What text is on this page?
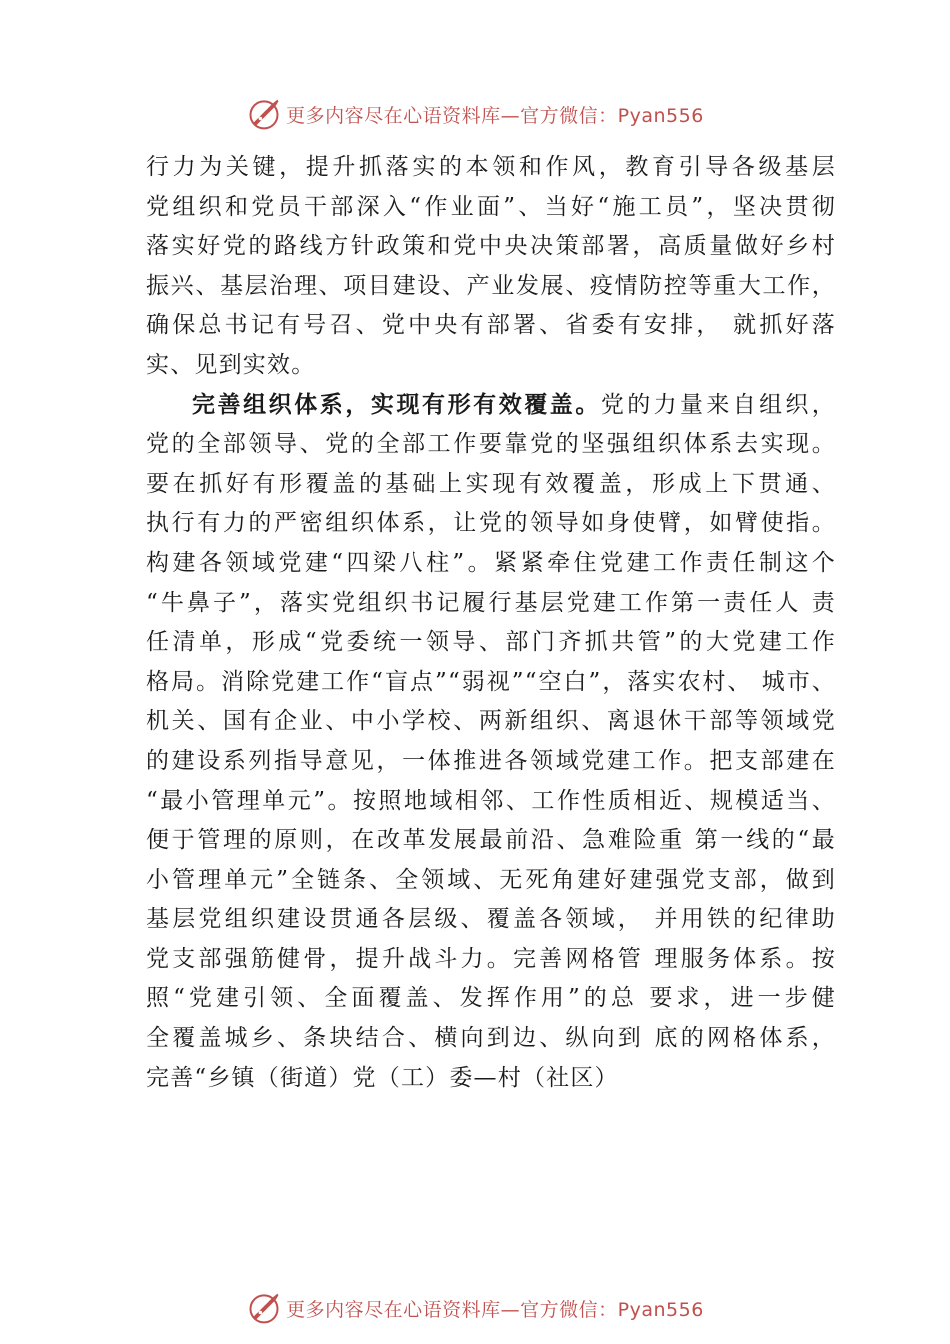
更多内容尽在心语资料库 —官方微信：Pyan556
行力为关键，提升抓落实的本领和作风，教育引导各级基层
党组织和党员干部深入“作业面”、当好“施工员”，坚决贯彻
落实好党的路线方针政策和党中央决策部署，高质量做好乡村
振兴、基层治理、项目建设、产业发展、疫情防控等重大工作，
确保总书记有号召、党中央有部署、省委有安排， 就抓好落
实、见到实效。
完善组织体系，实现有形有效覆盖。党的力量来自组织，
党的全部领导、党的全部工作要靠党的坚强组织体系去实现。
要在抓好有形覆盖的基础上实现有效覆盖，形成上下贯通、
执行有力的严密组织体系，让党的领导如身使臂，如臂使指。
构建各领域党建“四梁八柱”。紧紧牵住党建工作责任制这个
“牛鼻子”，落实党组织书记履行基层党建工作第一责任人 责
任清单，形成“党委统一领导、部门齐抓共管”的大党建工作
格局。消除党建工作“盲点”“弱视”“空白”，落实农村、 城市、
机关、国有企业、中小学校、两新组织、离退休干部等领域党
的建设系列指导意见，一体推进各领域党建工作。把支部建在
“最小管理单元”。按照地域相邻、工作性质相近、规模适当、
便于管理的原则，在改革发展最前沿、急难险重 第一线的“最
小管理单元”全链条、全领域、无死角建好建强党支部，做到
基层党组织建设贯通各层级、覆盖各领域， 并用铁的纪律助
党支部强筋健骨，提升战斗力。完善网格管 理服务体系。按
照“党建引领、全面覆盖、发挥作用”的总 要求，进一步健
全覆盖城乡、条块结合、横向到边、纵向到 底的网格体系，
完善“乡镇（街道）党（工）委—村（社区）
更多内容尽在心语资料库 —官方微信：Pyan556
